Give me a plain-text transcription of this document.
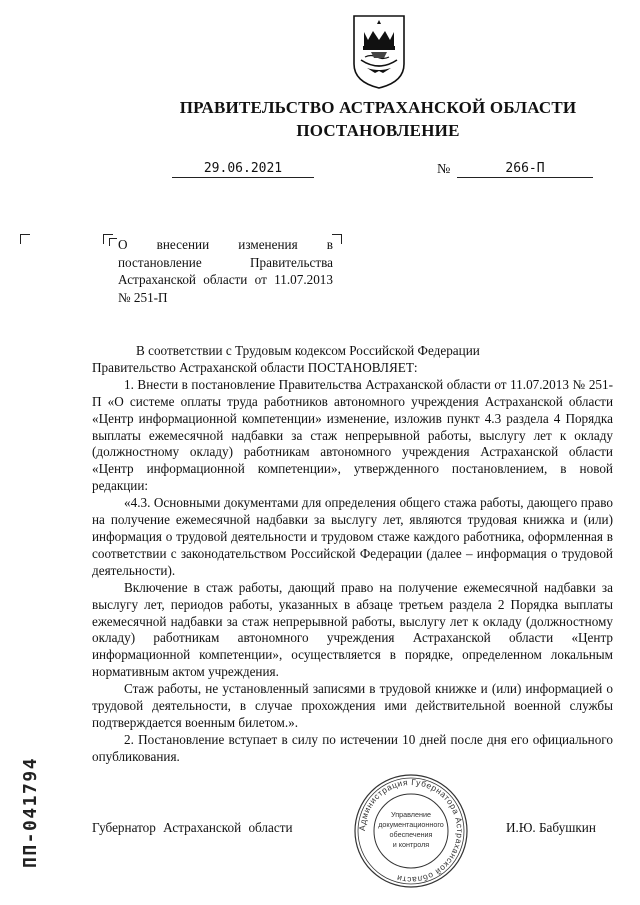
ПРАВИТЕЛЬСТВО АСТРАХАНСКОЙ ОБЛАСТИ
ПОСТАНОВЛЕНИЕ
29.06.2021	№	266-П
О внесении изменения в постановление Правительства Астраханской области от 11.07.2013 № 251-П

В соответствии с Трудовым кодексом Российской Федерации

Правительство Астраханской области ПОСТАНОВЛЯЕТ:

1. Внести в постановление Правительства Астраханской области от 11.07.2013 № 251-П «О системе оплаты труда работников автономного учреждения Астраханской области «Центр информационной компетенции» изменение, изложив пункт 4.3 раздела 4 Порядка выплаты ежемесячной надбавки за стаж непрерывной работы, выслугу лет к окладу (должностному окладу) работникам автономного учреждения Астраханской области «Центр информационной компетенции», утвержденного постановлением, в новой редакции:

«4.3. Основными документами для определения общего стажа работы, дающего право на получение ежемесячной надбавки за выслугу лет, являются трудовая книжка и (или) информация о трудовой деятельности и трудовом стаже каждого работника, оформленная в соответствии с законодательством Российской Федерации (далее – информация о трудовой деятельности).

Включение в стаж работы, дающий право на получение ежемесячной надбавки за выслугу лет, периодов работы, указанных в абзаце третьем раздела 2 Порядка выплаты ежемесячной надбавки за стаж непрерывной работы, выслугу лет к окладу (должностному окладу) работникам автономного учреждения Астраханской области «Центр информационной компетенции», осуществляется в порядке, определенном локальным нормативным актом учреждения.

Стаж работы, не установленный записями в трудовой книжке и (или) информацией о трудовой деятельности, в случае прохождения ими действительной военной службы подтверждается военным билетом.».

2. Постановление вступает в силу по истечении 10 дней после дня его официального опубликования.

Губернатор Астраханской области	И.Ю. Бабушкин
Администрация Губернатора Астраханской области
Управление
документационного
обеспечения
и контроля
ПП-041794
